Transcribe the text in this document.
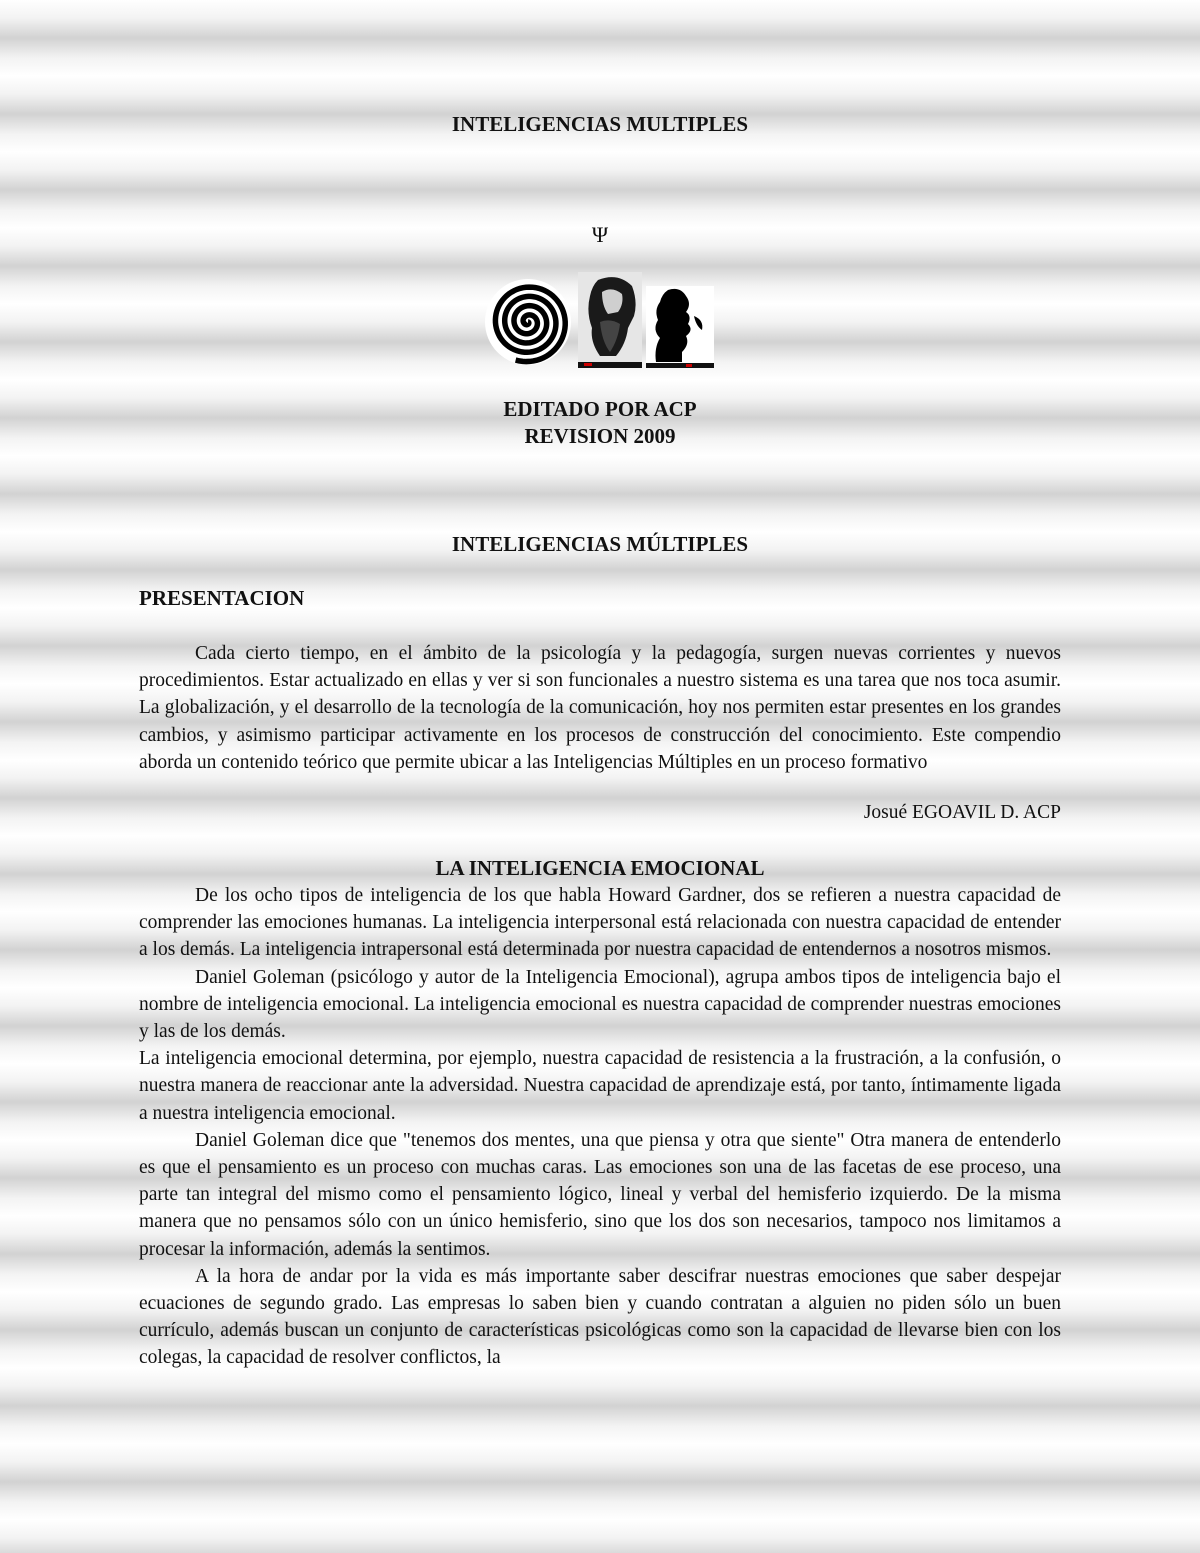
INTELIGENCIAS MULTIPLES
Ψ
EDITADO POR ACP
REVISION 2009
INTELIGENCIAS MÚLTIPLES
PRESENTACION

Cada cierto tiempo, en el ámbito de la psicología y la pedagogía, surgen nuevas corrientes y nuevos procedimientos. Estar actualizado en ellas y ver si son funcionales a nuestro sistema es una tarea que nos toca asumir. La globalización, y el desarrollo de la tecnología de la comunicación, hoy nos permiten estar presentes en los grandes cambios, y asimismo participar activamente en los procesos de construcción del conocimiento. Este compendio aborda un contenido teórico que permite ubicar a las Inteligencias Múltiples en un proceso formativo

Josué EGOAVIL D. ACP

LA INTELIGENCIA EMOCIONAL

De los ocho tipos de inteligencia de los que habla Howard Gardner, dos se refieren a nuestra capacidad de comprender las emociones humanas. La inteligencia interpersonal está relacionada con nuestra capacidad de entender a los demás. La inteligencia intrapersonal está determinada por nuestra capacidad de entendernos a nosotros mismos.

Daniel Goleman (psicólogo y autor de la Inteligencia Emocional), agrupa ambos tipos de inteligencia bajo el nombre de inteligencia emocional. La inteligencia emocional es nuestra capacidad de comprender nuestras emociones y las de los demás.

La inteligencia emocional determina, por ejemplo, nuestra capacidad de resistencia a la frustración, a la confusión, o nuestra manera de reaccionar ante la adversidad. Nuestra capacidad de aprendizaje está, por tanto, íntimamente ligada a nuestra inteligencia emocional.

Daniel Goleman dice que "tenemos dos mentes, una que piensa y otra que siente" Otra manera de entenderlo es que el pensamiento es un proceso con muchas caras. Las emociones son una de las facetas de ese proceso, una parte tan integral del mismo como el pensamiento lógico, lineal y verbal del hemisferio izquierdo. De la misma manera que no pensamos sólo con un único hemisferio, sino que los dos son necesarios, tampoco nos limitamos a procesar la información, además la sentimos.

A la hora de andar por la vida es más importante saber descifrar nuestras emociones que saber despejar ecuaciones de segundo grado. Las empresas lo saben bien y cuando contratan a alguien no piden sólo un buen currículo, además buscan un conjunto de características psicológicas como son la capacidad de llevarse bien con los colegas, la capacidad de resolver conflictos, la
